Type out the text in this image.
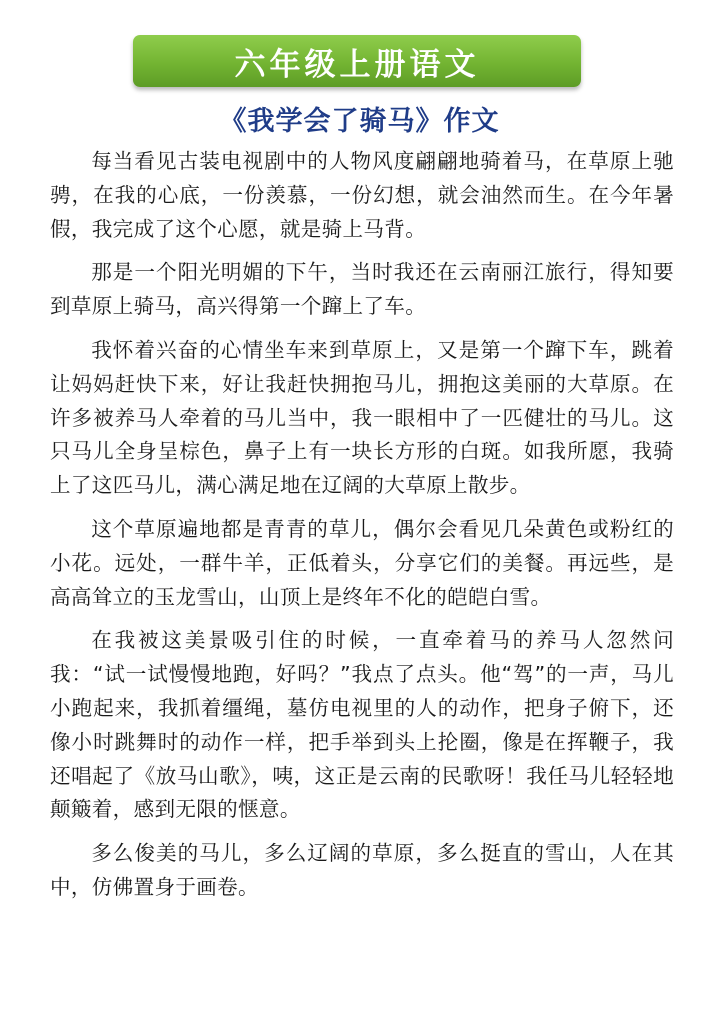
六年级上册语文
《我学会了骑马》作文

每当看见古装电视剧中的人物风度翩翩地骑着马，在草原上驰骋，在我的心底，一份羡慕，一份幻想，就会油然而生。在今年暑假，我完成了这个心愿，就是骑上马背。

那是一个阳光明媚的下午，当时我还在云南丽江旅行，得知要到草原上骑马，高兴得第一个蹿上了车。

我怀着兴奋的心情坐车来到草原上，又是第一个蹿下车，跳着让妈妈赶快下来，好让我赶快拥抱马儿，拥抱这美丽的大草原。在许多被养马人牵着的马儿当中，我一眼相中了一匹健壮的马儿。这只马儿全身呈棕色，鼻子上有一块长方形的白斑。如我所愿，我骑上了这匹马儿，满心满足地在辽阔的大草原上散步。

这个草原遍地都是青青的草儿，偶尔会看见几朵黄色或粉红的小花。远处，一群牛羊，正低着头，分享它们的美餐。再远些，是高高耸立的玉龙雪山，山顶上是终年不化的皑皑白雪。

在我被这美景吸引住的时候，一直牵着马的养马人忽然问我：“试一试慢慢地跑，好吗？”我点了点头。他“驾”的一声，马儿小跑起来，我抓着缰绳，墓仿电视里的人的动作，把身子俯下，还像小时跳舞时的动作一样，把手举到头上抡圈，像是在挥鞭子，我还唱起了《放马山歌》，咦，这正是云南的民歌呀！我任马儿轻轻地颠簸着，感到无限的惬意。

多么俊美的马儿，多么辽阔的草原，多么挺直的雪山，人在其中，仿佛置身于画卷。
